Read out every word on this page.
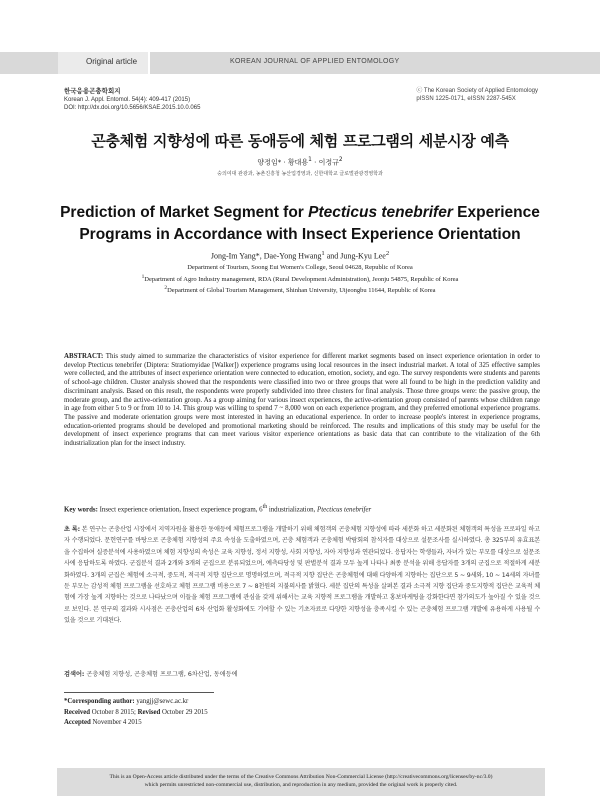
Original article	KOREAN JOURNAL OF APPLIED ENTOMOLOGY
한국응용곤충학회지
Korean J. Appl. Entomol. 54(4): 409-417 (2015)
DOI: http://dx.doi.org/10.5656/KSAE.2015.10.0.065
ⓒ The Korean Society of Applied Entomology
pISSN 1225-0171, eISSN 2287-545X
곤충체험 지향성에 따른 동애등에 체험 프로그램의 세분시장 예측
양정임* · 황대용$^1$ · 이정규$^2$
숭의여대 관광과, 농촌진흥청 농산업경영과, 신한대학교 글로벌관광경영학과
Prediction of Market Segment for Ptecticus tenebrifer Experience Programs in Accordance with Insect Experience Orientation
Jong-Im Yang*, Dae-Yong Hwang$^1$ and Jung-Kyu Lee$^2$
Department of Tourism, Soong Eui Women's College, Seoul 04628, Republic of Korea
$^1$Department of Agro Industry management, RDA (Rural Development Administration), Jeonju 54875, Republic of Korea
$^2$Department of Global Tourism Management, Shinhan University, Uijeongbu 11644, Republic of Korea
ABSTRACT: This study aimed to summarize the characteristics of visitor experience for different market segments based on insect experience orientation in order to develop Ptecticus tenebrifer (Diptera: Stratiomyidae [Walker]) experience programs using local resources in the insect industrial market. A total of 325 effective samples were collected, and the attributes of insect experience orientation were connected to education, emotion, society, and ego. The survey respondents were students and parents of school-age children. Cluster analysis showed that the respondents were classified into two or three groups that were all found to be high in the prediction validity and discriminant analysis. Based on this result, the respondents were properly subdivided into three clusters for final analysis. Those three groups were: the passive group, the moderate group, and the active-orientation group. As a group aiming for various insect experiences, the active-orientation group consisted of parents whose children range in age from either 5 to 9 or from 10 to 14. This group was willing to spend 7 ~ 8,000 won on each experience program, and they preferred emotional experience programs. The passive and moderate orientation groups were most interested in having an educational experience. In order to increase people's interest in experience programs, education-oriented programs should be developed and promotional marketing should be reinforced. The results and implications of this study may be useful for the development of insect experience programs that can meet various visitor experience orientations as basic data that can contribute to the vitalization of the 6th industrialization plan for the insect industry.
Key words: Insect experience orientation, Insect experience program, 6th industrialization, Ptecticus tenebrifer
초 록: 본 연구는 곤충산업 시장에서 지역자원을 활용한 동애등에 체험프로그램을 개발하기 위해 체험객의 곤충체험 지향성에 따라 세분화 하고 세분화된 체험객의 특성을 프로파일 하고자 수행되었다. 문헌연구를 바탕으로 곤충체험 지향성의 주요 속성을 도출하였으며, 곤충 체험객과 곤충체험 박람회의 참석자를 대상으로 설문조사를 실시하였다. 총 325부의 유효표본을 수집하여 실증분석에 사용하였으며 체험 지향성의 속성은 교육 지향성, 정서 지향성, 사회 지향성, 자아 지향성과 연관되었다. 응답자는 학생들과, 자녀가 있는 부모를 대상으로 설문조사에 응답하도록 하였다. 군집분석 결과 2개와 3개의 군집으로 분류되었으며, 예측타당성 및 판별분석 결과 모두 높게 나타나 최종 분석을 위해 응답자를 3개의 군집으로 적절하게 세분화하였다. 3개의 군집은 체험에 소극적, 중도적, 적극적 지향 집단으로 명명하였으며, 적극적 지향 집단은 곤충체험에 대해 다양하게 지향하는 집단으로 5 ~ 9세와, 10 ~ 14세의 자녀를 둔 부모는 감성적 체험 프로그램을 선호하고 체험 프로그램 비용으로 7 ~ 8천원의 지불의사를 밝혔다. 세분 집단의 특성을 살펴본 결과 소극적 지향 집단과 중도지향적 집단은 교육적 체험에 가장 높게 지향하는 것으로 나타났으며 이들을 체험 프로그램에 관심을 갖게 위해서는 교육 지향적 프로그램을 개발하고 홍보마케팅을 강화한다면 참가의도가 높아질 수 있을 것으로 보인다. 본 연구의 결과와 시사점은 곤충산업의 6차 산업화 활성화에도 기여할 수 있는 기초자료로 다양한 지향성을 충족시킬 수 있는 곤충체험 프로그램 개발에 유용하게 사용될 수 있을 것으로 기대된다.
검색어: 곤충체험 지향성, 곤충체험 프로그램, 6차산업, 동애등에
*Corresponding author: yangjj@sewc.ac.kr
Received October 8 2015; Revised October 29 2015
Accepted November 4 2015
This is an Open-Access article distributed under the terms of the Creative Commons Attribution Non-Commercial License (http://creativecommons.org/licenses/by-nc/3.0)
which permits unrestricted non-commercial use, distribution, and reproduction in any medium, provided the original work is properly cited.
